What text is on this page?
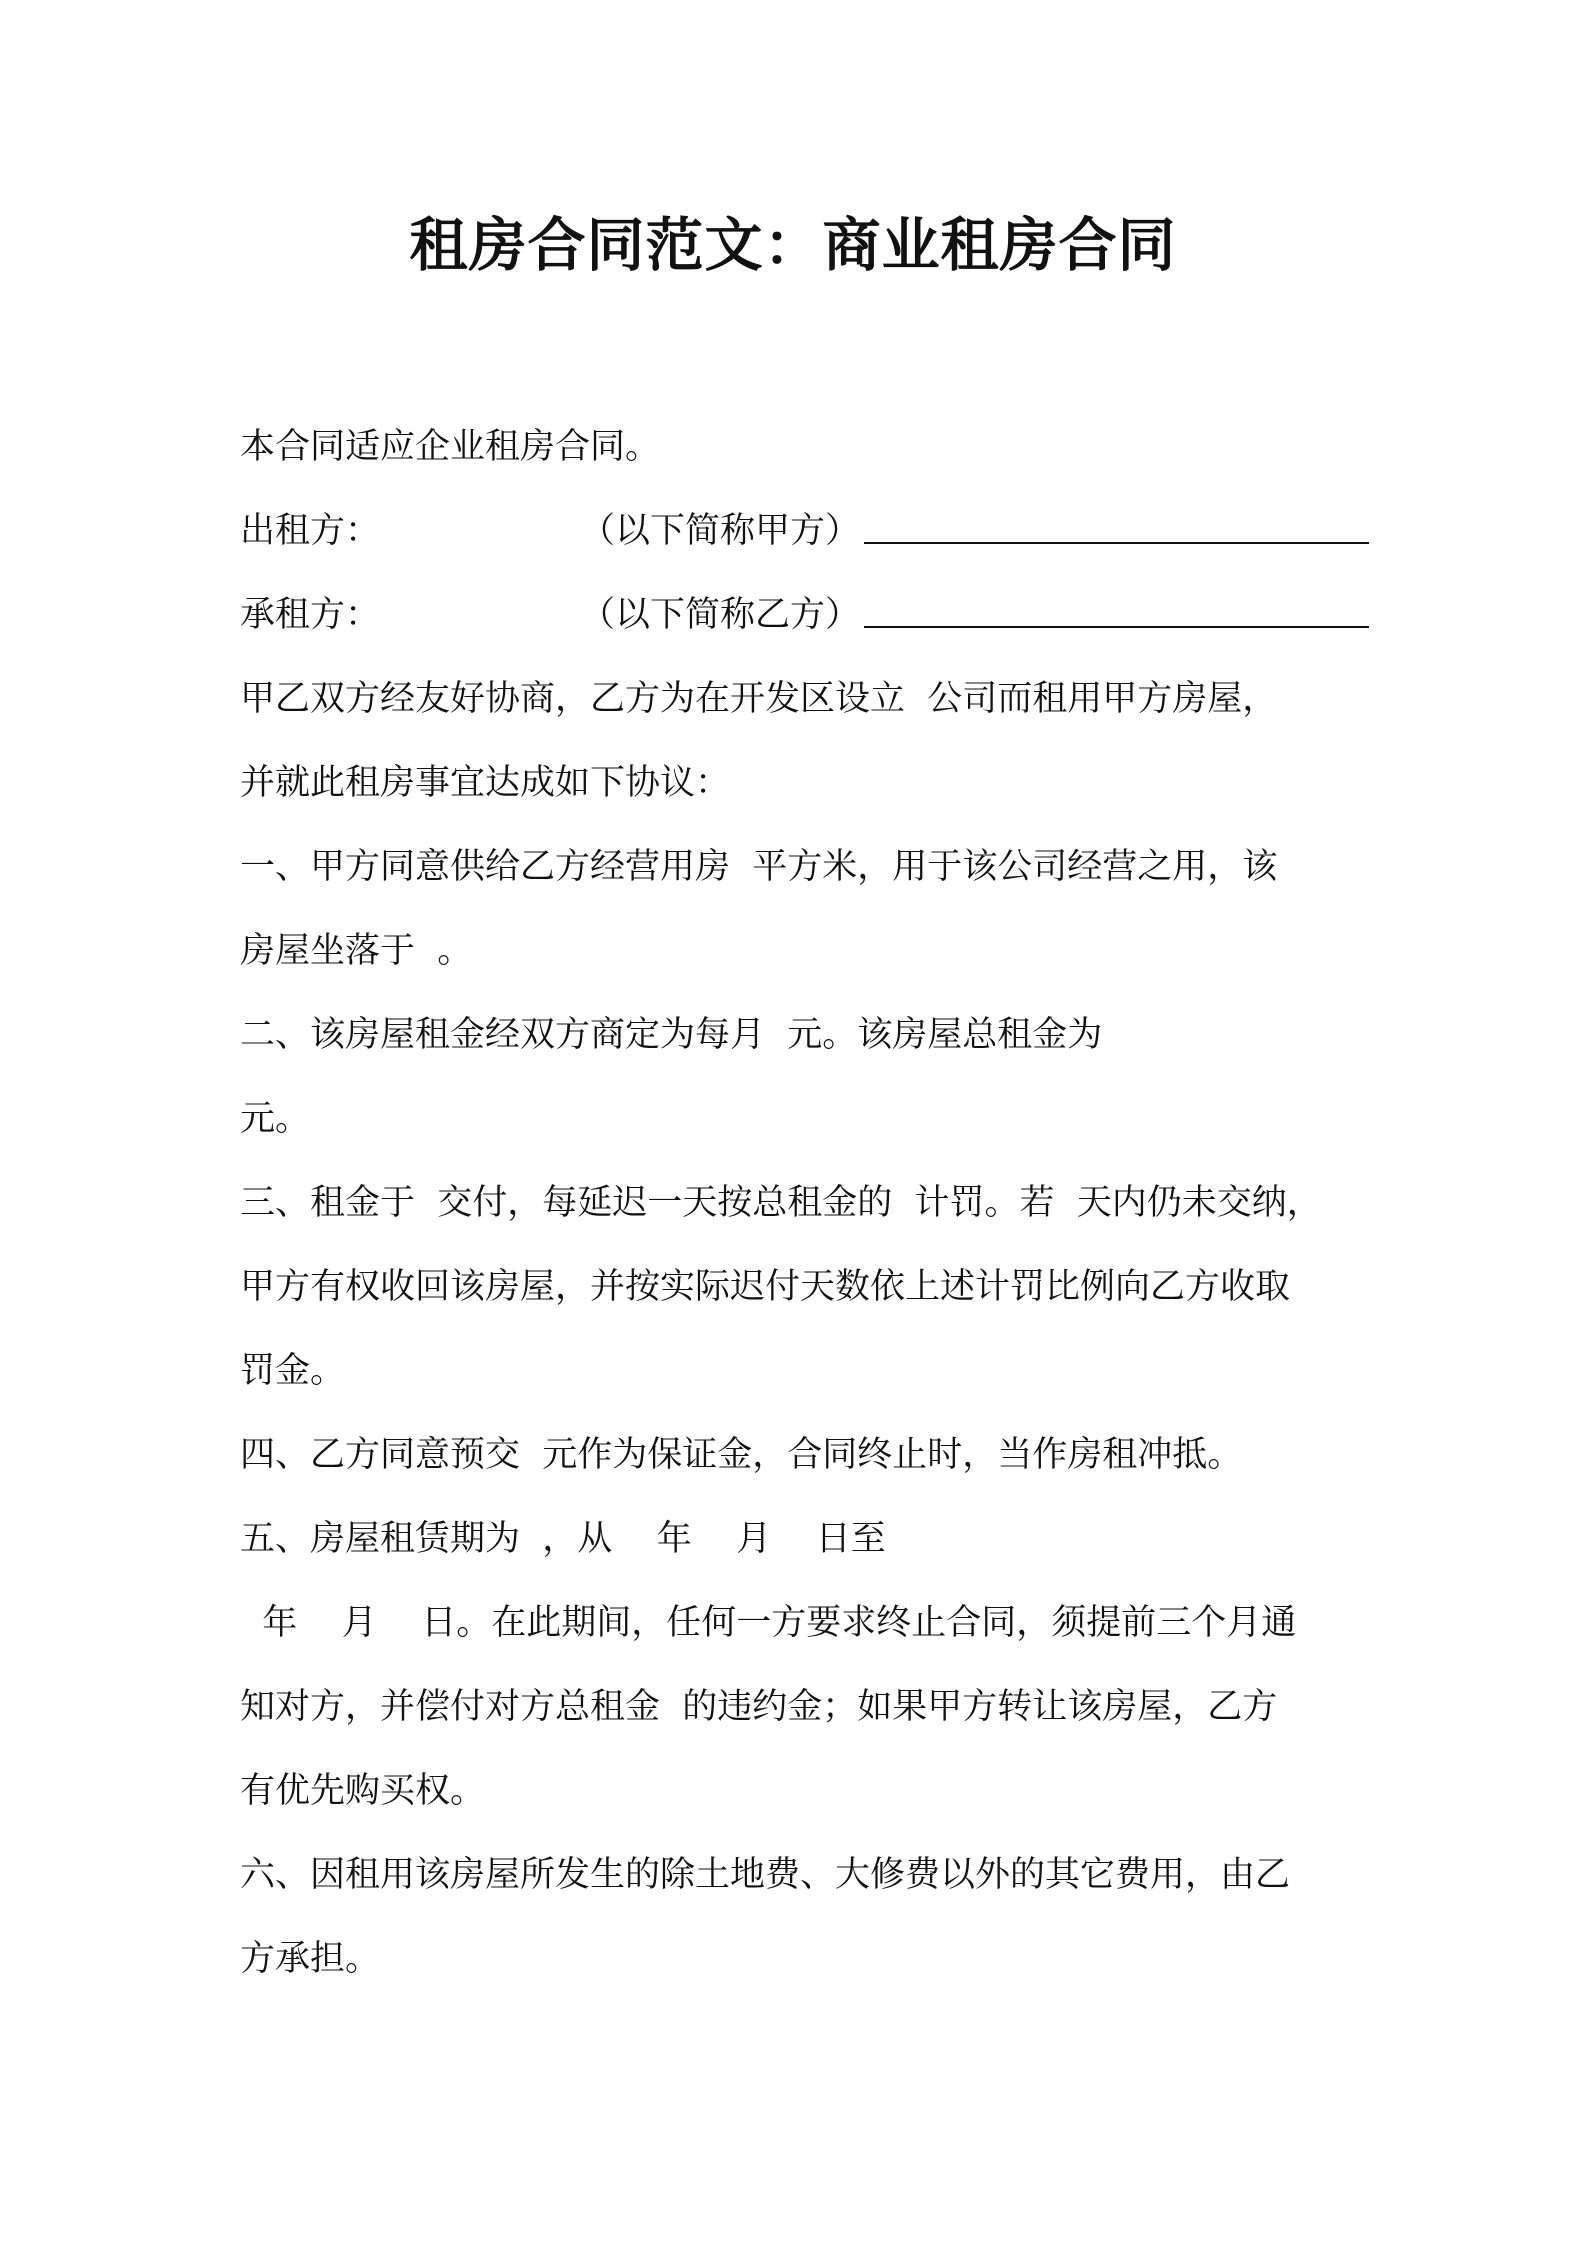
租房合同范文：商业租房合同
本合同适应企业租房合同。
出租方：	（以下简称甲方）
承租方：	（以下简称乙方）
甲乙双方经友好协商，乙方为在开发区设立  公司而租用甲方房屋，
并就此租房事宜达成如下协议：
一、甲方同意供给乙方经营用房  平方米，用于该公司经营之用，该
房屋坐落于  。
二、该房屋租金经双方商定为每月  元。该房屋总租金为
元。
三、租金于  交付，每延迟一天按总租金的  计罚。若  天内仍未交纳，
甲方有权收回该房屋，并按实际迟付天数依上述计罚比例向乙方收取
罚金。
四、乙方同意预交  元作为保证金，合同终止时，当作房租冲抵。
五、房屋租赁期为  ，从    年    月    日至
年    月    日。在此期间，任何一方要求终止合同，须提前三个月通
知对方，并偿付对方总租金  的违约金；如果甲方转让该房屋，乙方
有优先购买权。
六、因租用该房屋所发生的除土地费、大修费以外的其它费用，由乙
方承担。
